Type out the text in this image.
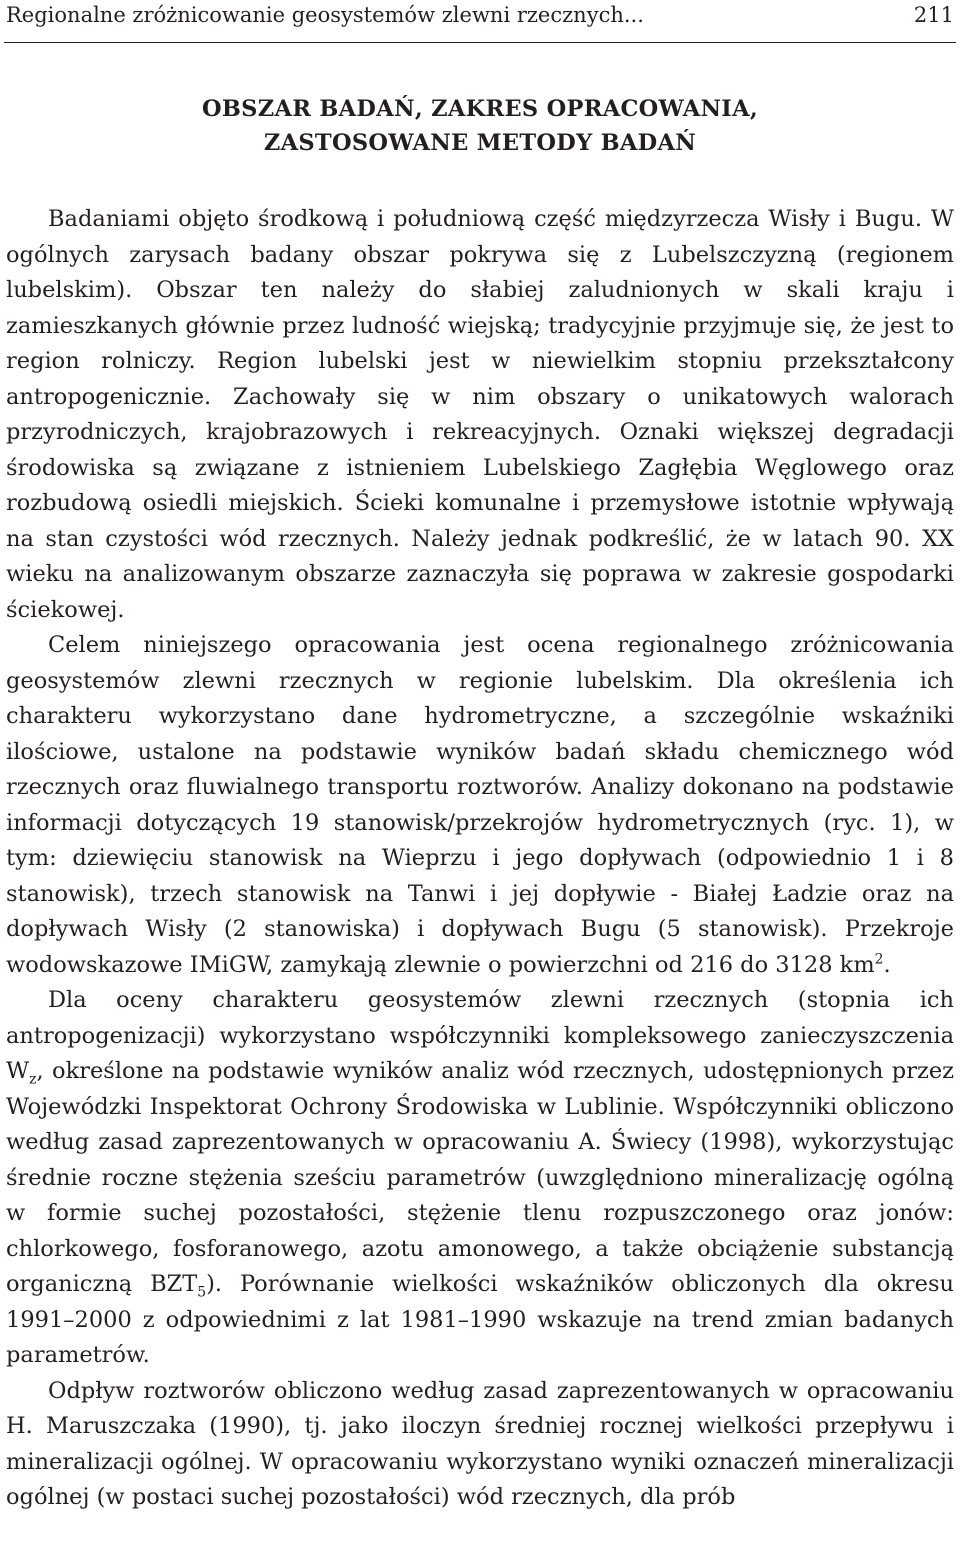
Regionalne zróżnicowanie geosystemów zlewni rzecznych...	211
OBSZAR BADAŃ, ZAKRES OPRACOWANIA,
ZASTOSOWANE METODY BADAŃ

Badaniami objęto środkową i południową część międzyrzecza Wisły i Bugu. W ogólnych zarysach badany obszar pokrywa się z Lubelszczyzną (regionem lubelskim). Obszar ten należy do słabiej zaludnionych w skali kraju i zamieszkanych głównie przez ludność wiejską; tradycyjnie przyjmuje się, że jest to region rolniczy. Region lubelski jest w niewielkim stopniu przekształcony antropogenicznie. Zachowały się w nim obszary o unikatowych walorach przyrodniczych, krajobrazowych i rekreacyjnych. Oznaki większej degradacji środowiska są związane z istnieniem Lubelskiego Zagłębia Węglowego oraz rozbudową osiedli miejskich. Ścieki komunalne i przemysłowe istotnie wpływają na stan czystości wód rzecznych. Należy jednak podkreślić, że w latach 90. XX wieku na analizowanym obszarze zaznaczyła się poprawa w zakresie gospodarki ściekowej.

Celem niniejszego opracowania jest ocena regionalnego zróżnicowania geosystemów zlewni rzecznych w regionie lubelskim. Dla określenia ich charakteru wykorzystano dane hydrometryczne, a szczególnie wskaźniki ilościowe, ustalone na podstawie wyników badań składu chemicznego wód rzecznych oraz fluwialnego transportu roztworów. Analizy dokonano na podstawie informacji dotyczących 19 stanowisk/przekrojów hydrometrycznych (ryc. 1), w tym: dziewięciu stanowisk na Wieprzu i jego dopływach (odpowiednio 1 i 8 stanowisk), trzech stanowisk na Tanwi i jej dopływie - Białej Ładzie oraz na dopływach Wisły (2 stanowiska) i dopływach Bugu (5 stanowisk). Przekroje wodowskazowe IMiGW, zamykają zlewnie o powierzchni od 216 do 3128 $km^2$.

Dla oceny charakteru geosystemów zlewni rzecznych (stopnia ich antropogenizacji) wykorzystano współczynniki kompleksowego zanieczyszczenia $W_z$, określone na podstawie wyników analiz wód rzecznych, udostępnionych przez Wojewódzki Inspektorat Ochrony Środowiska w Lublinie. Współczynniki obliczono według zasad zaprezentowanych w opracowaniu A. Świecy (1998), wykorzystując średnie roczne stężenia sześciu parametrów (uwzględniono mineralizację ogólną w formie suchej pozostałości, stężenie tlenu rozpuszczonego oraz jonów: chlorkowego, fosforanowego, azotu amonowego, a także obciążenie substancją organiczną $BZT_5$). Porównanie wielkości wskaźników obliczonych dla okresu 1991–2000 z odpowiednimi z lat 1981–1990 wskazuje na trend zmian badanych parametrów.

Odpływ roztworów obliczono według zasad zaprezentowanych w opracowaniu H. Maruszczaka (1990), tj. jako iloczyn średniej rocznej wielkości przepływu i mineralizacji ogólnej. W opracowaniu wykorzystano wyniki oznaczeń mineralizacji ogólnej (w postaci suchej pozostałości) wód rzecznych, dla prób
